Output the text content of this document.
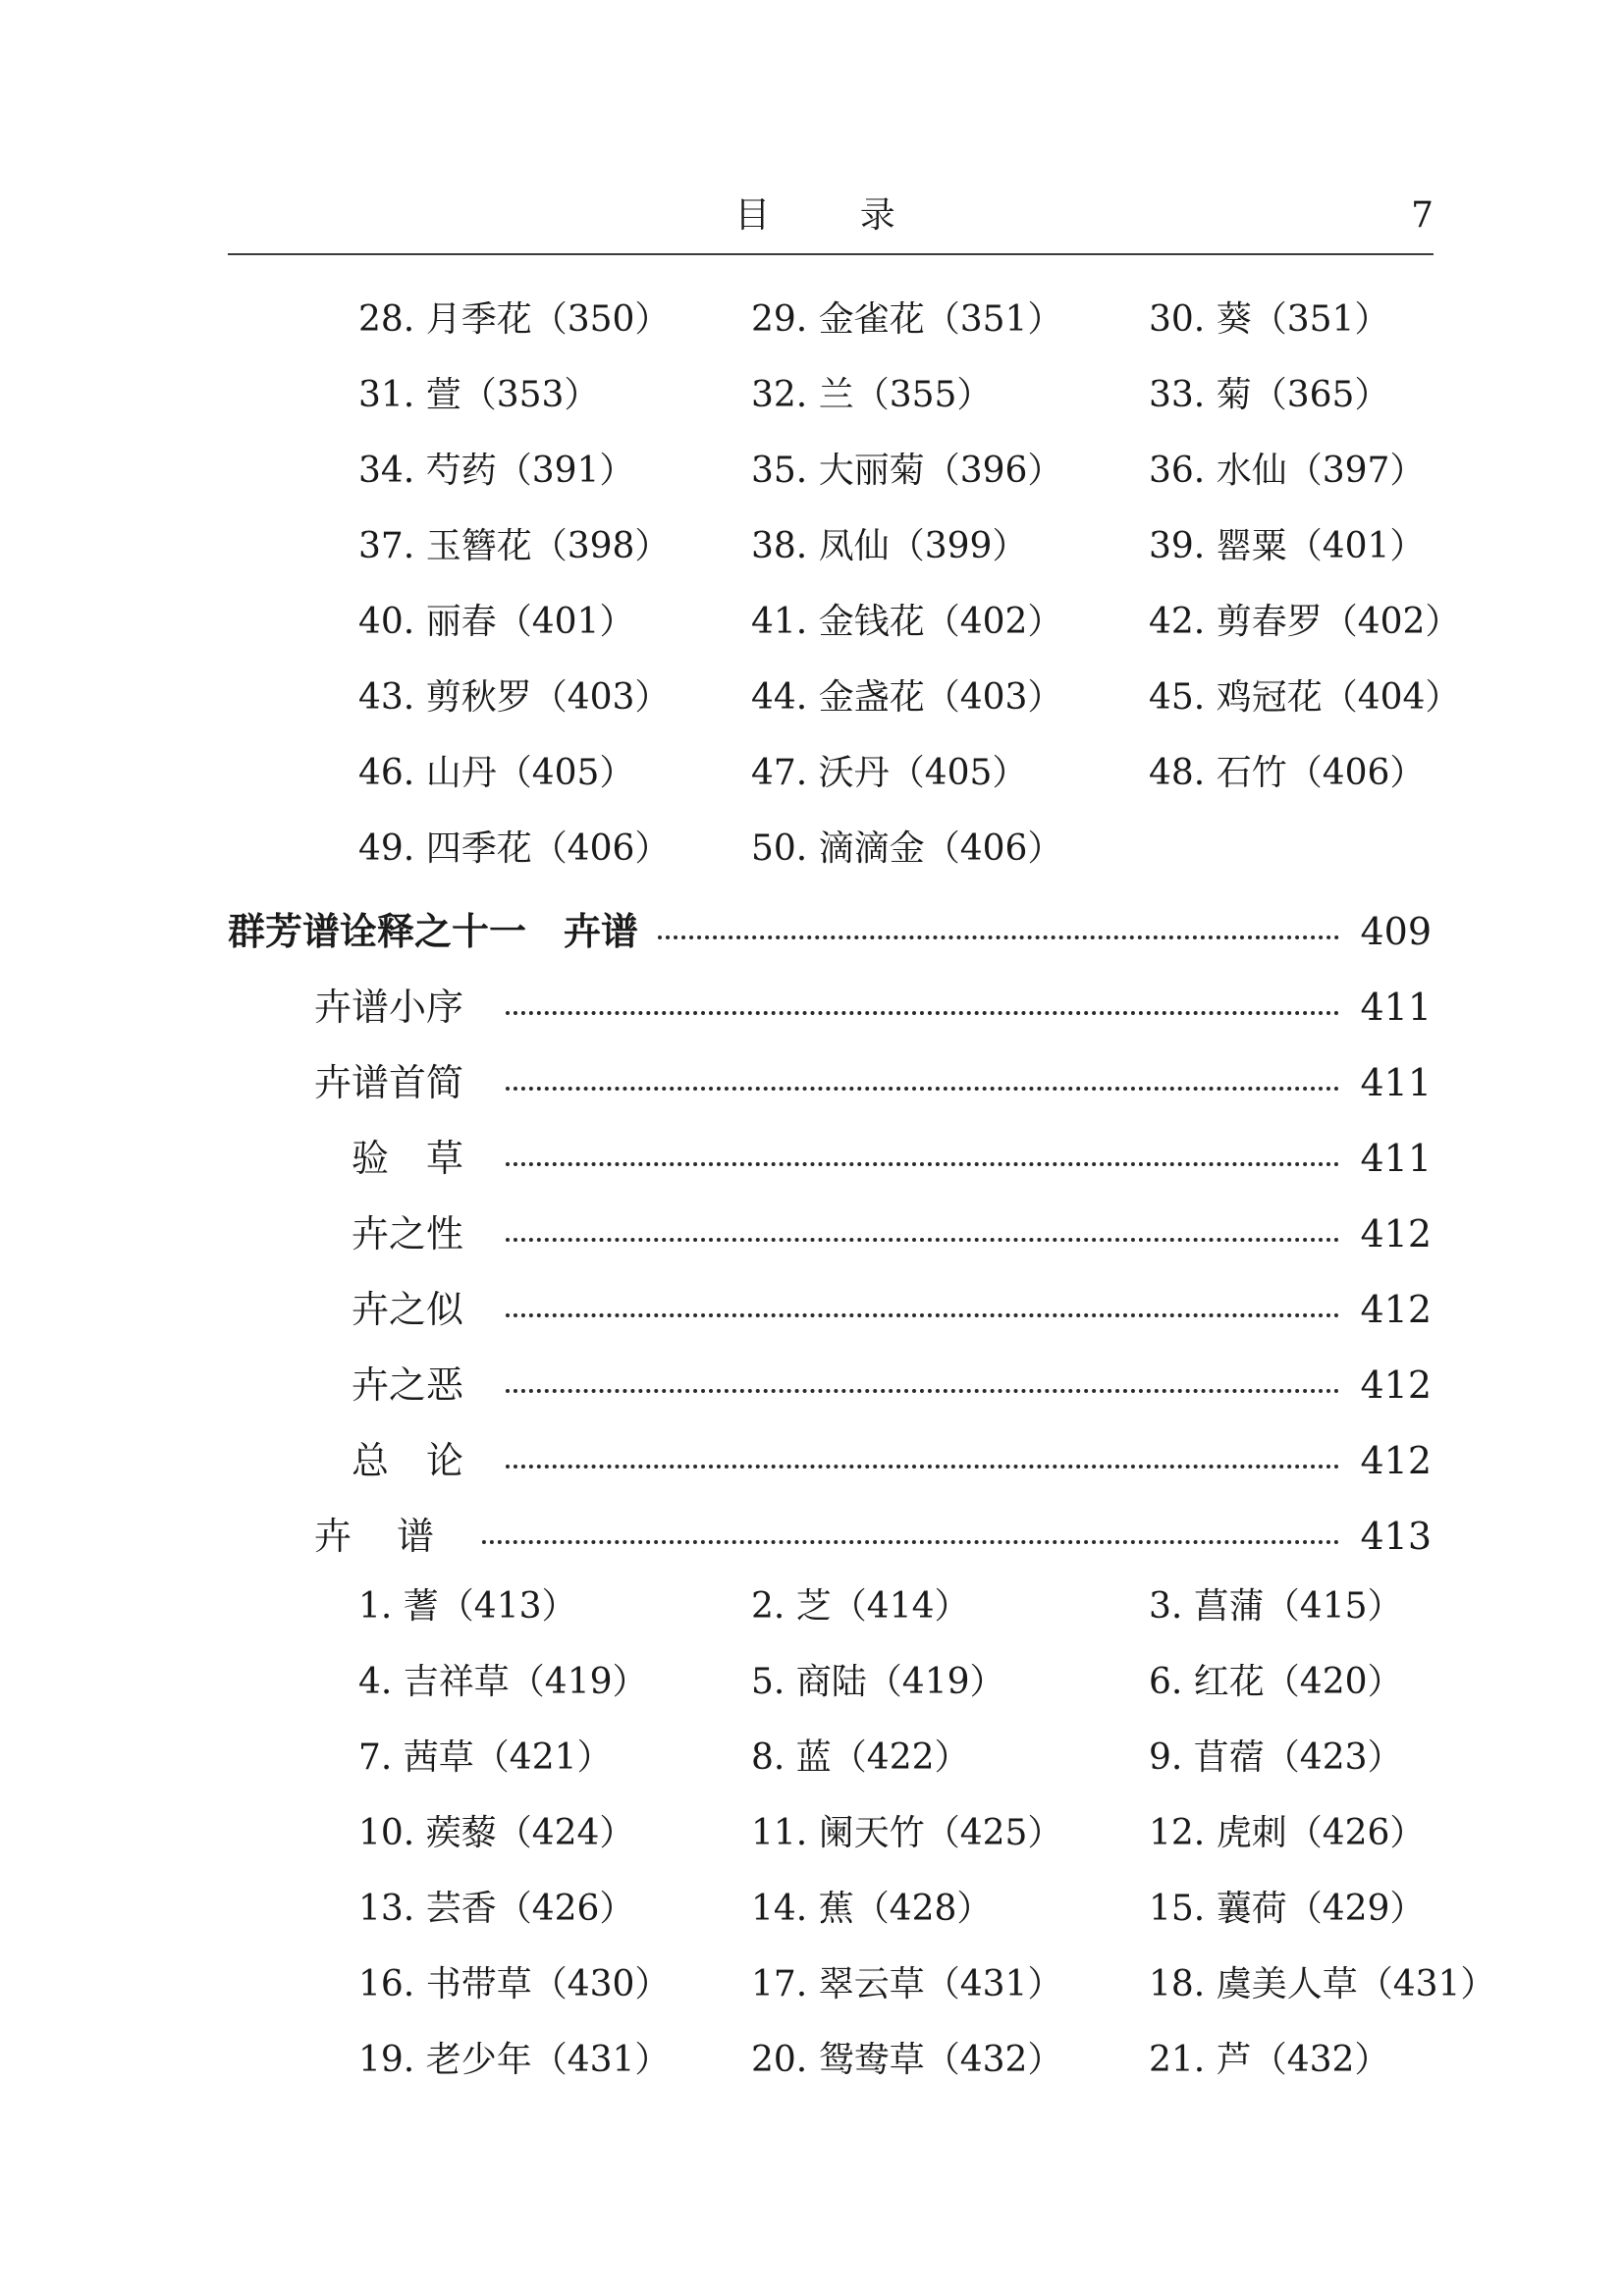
目 录	7
28. 月季花（350） 29. 金雀花（351） 30. 葵（351）
31. 萱（353）	32. 兰（355）	33. 菊（365）
34. 芍药（391）	35. 大丽菊（396） 36. 水仙（397）
37. 玉簪花（398） 38. 凤仙（399）	39. 罂粟（401）
40. 丽春（401）	41. 金钱花（402） 42. 剪春罗（402）
43. 剪秋罗（403） 44. 金盏花（403） 45. 鸡冠花（404）
46. 山丹（405）	47. 沃丹（405）	48. 石竹（406）
49. 四季花（406） 50. 滴滴金（406）
群芳谱诠释之十一　卉谱	409
卉谱小序	411
卉谱首简	411
验草	411
卉之性	412
卉之似	412
卉之恶	412
总论	412
卉谱	413
1. 蓍（413）	2. 芝（414）	3. 菖蒲（415）
4. 吉祥草（419）	5. 商陆（419）	6. 红花（420）
7. 茜草（421）	8. 蓝（422）	9. 苜蓿（423）
10. 蒺藜（424）	11. 阑天竹（425） 12. 虎刺（426）
13. 芸香（426）	14. 蕉（428）	15. 蘘荷（429）
16. 书带草（430） 17. 翠云草（431） 18. 虞美人草（431）
19. 老少年（431） 20. 鸳鸯草（432） 21. 芦（432）
